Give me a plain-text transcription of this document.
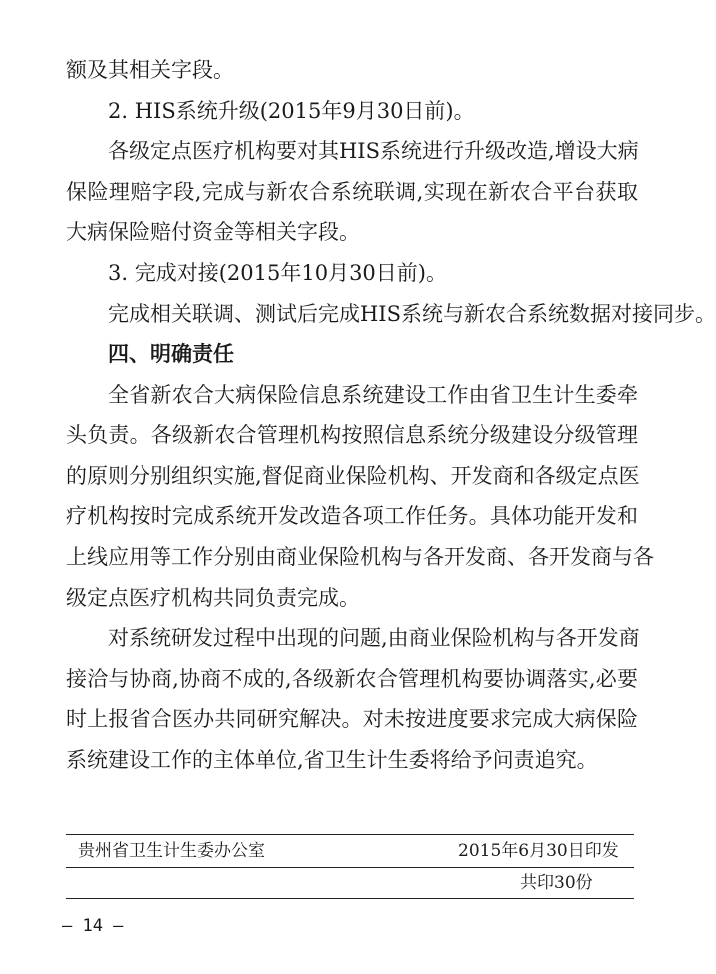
额及其相关字段。
2. HIS系统升级(2015年9月30日前)。
各级定点医疗机构要对其HIS系统进行升级改造,增设大病
保险理赔字段,完成与新农合系统联调,实现在新农合平台获取
大病保险赔付资金等相关字段。
3. 完成对接(2015年10月30日前)。
完成相关联调、测试后完成HIS系统与新农合系统数据对接同步。
四、明确责任
全省新农合大病保险信息系统建设工作由省卫生计生委牵
头负责。各级新农合管理机构按照信息系统分级建设分级管理
的原则分别组织实施,督促商业保险机构、开发商和各级定点医
疗机构按时完成系统开发改造各项工作任务。具体功能开发和
上线应用等工作分别由商业保险机构与各开发商、各开发商与各
级定点医疗机构共同负责完成。
对系统研发过程中出现的问题,由商业保险机构与各开发商
接洽与协商,协商不成的,各级新农合管理机构要协调落实,必要
时上报省合医办共同研究解决。对未按进度要求完成大病保险
系统建设工作的主体单位,省卫生计生委将给予问责追究。
贵州省卫生计生委办公室	2015年6月30日印发
共印30份
– 14 –
